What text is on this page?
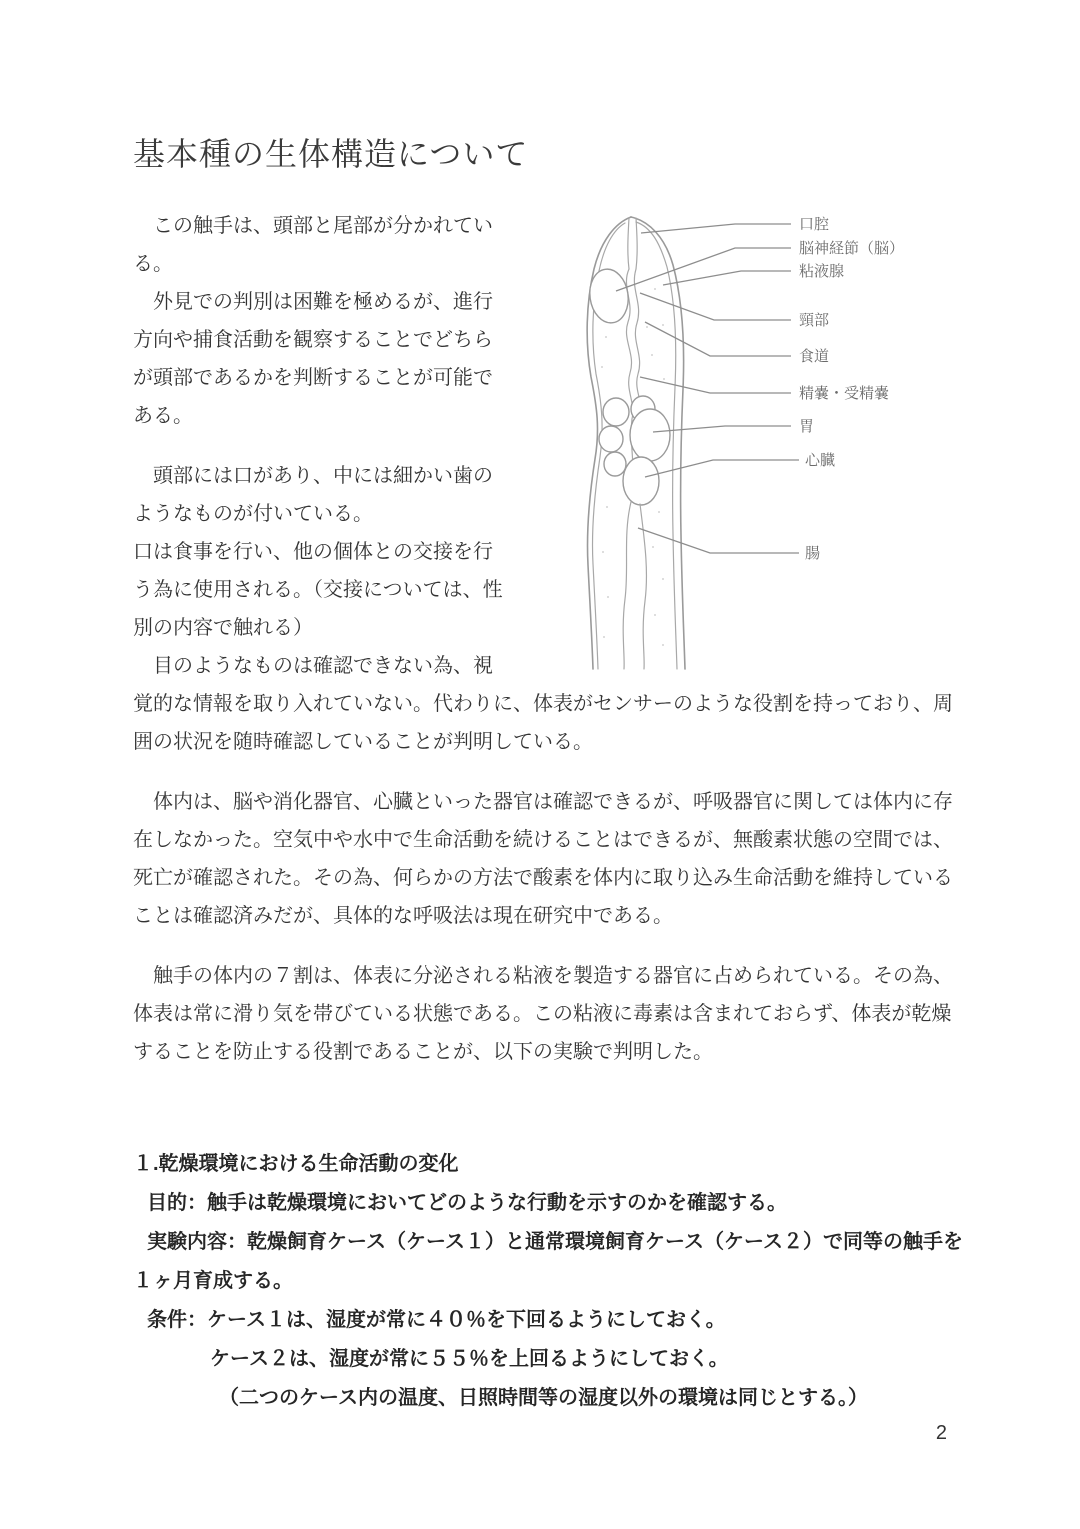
基本種の生体構造について
口腔
脳神経節（脳）
粘液腺
頸部
食道
精嚢・受精嚢
胃
心臓
腸

　この触手は、頭部と尾部が分かれている。

　外見での判別は困難を極めるが、進行方向や捕食活動を観察することでどちらが頭部であるかを判断することが可能である。

　頭部には口があり、中には細かい歯のようなものが付いている。

口は食事を行い、他の個体との交接を行う為に使用される。（交接については、性別の内容で触れる）

　目のようなものは確認できない為、視覚的な情報を取り入れていない。代わりに、体表がセンサーのような役割を持っており、周囲の状況を随時確認していることが判明している。

　体内は、脳や消化器官、心臓といった器官は確認できるが、呼吸器官に関しては体内に存在しなかった。空気中や水中で生命活動を続けることはできるが、無酸素状態の空間では、死亡が確認された。その為、何らかの方法で酸素を体内に取り込み生命活動を維持していることは確認済みだが、具体的な呼吸法は現在研究中である。

　触手の体内の７割は、体表に分泌される粘液を製造する器官に占められている。その為、体表は常に滑り気を帯びている状態である。この粘液に毒素は含まれておらず、体表が乾燥することを防止する役割であることが、以下の実験で判明した。

１.乾燥環境における生命活動の変化

目的：触手は乾燥環境においてどのような行動を示すのかを確認する。

実験内容：乾燥飼育ケース（ケース１）と通常環境飼育ケース（ケース２）で同等の触手を１ヶ月育成する。

条件：ケース１は、湿度が常に４０％を下回るようにしておく。

ケース２は、湿度が常に５５％を上回るようにしておく。

（二つのケース内の温度、日照時間等の湿度以外の環境は同じとする。）

2
